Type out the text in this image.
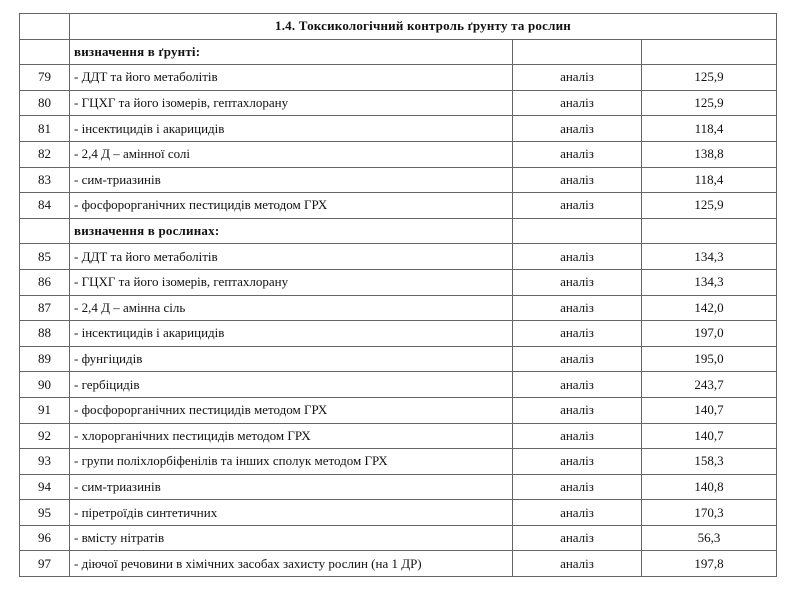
	1.4. Токсикологічний контроль ґрунту та рослин		
	визначення в ґрунті:		
79	- ДДТ та його метаболітів	аналіз	125,9
80	- ГЦХГ та його ізомерів, гептахлорану	аналіз	125,9
81	- інсектицидів і акарицидів	аналіз	118,4
82	- 2,4 Д – амінної солі	аналіз	138,8
83	- сим-триазинів	аналіз	118,4
84	- фосфорорганічних пестицидів методом ГРХ	аналіз	125,9
	визначення в рослинах:		
85	- ДДТ та його метаболітів	аналіз	134,3
86	- ГЦХГ та його ізомерів, гептахлорану	аналіз	134,3
87	- 2,4 Д – амінна сіль	аналіз	142,0
88	- інсектицидів і акарицидів	аналіз	197,0
89	- фунгіцидів	аналіз	195,0
90	- гербіцидів	аналіз	243,7
91	- фосфорорганічних пестицидів методом ГРХ	аналіз	140,7
92	- хлорорганічних пестицидів методом ГРХ	аналіз	140,7
93	- групи поліхлорбіфенілів та інших сполук методом ГРХ	аналіз	158,3
94	- сим-триазинів	аналіз	140,8
95	- піретроїдів синтетичних	аналіз	170,3
96	- вмісту нітратів	аналіз	56,3
97	- діючої речовини в хімічних засобах захисту рослин (на 1 ДР)	аналіз	197,8
